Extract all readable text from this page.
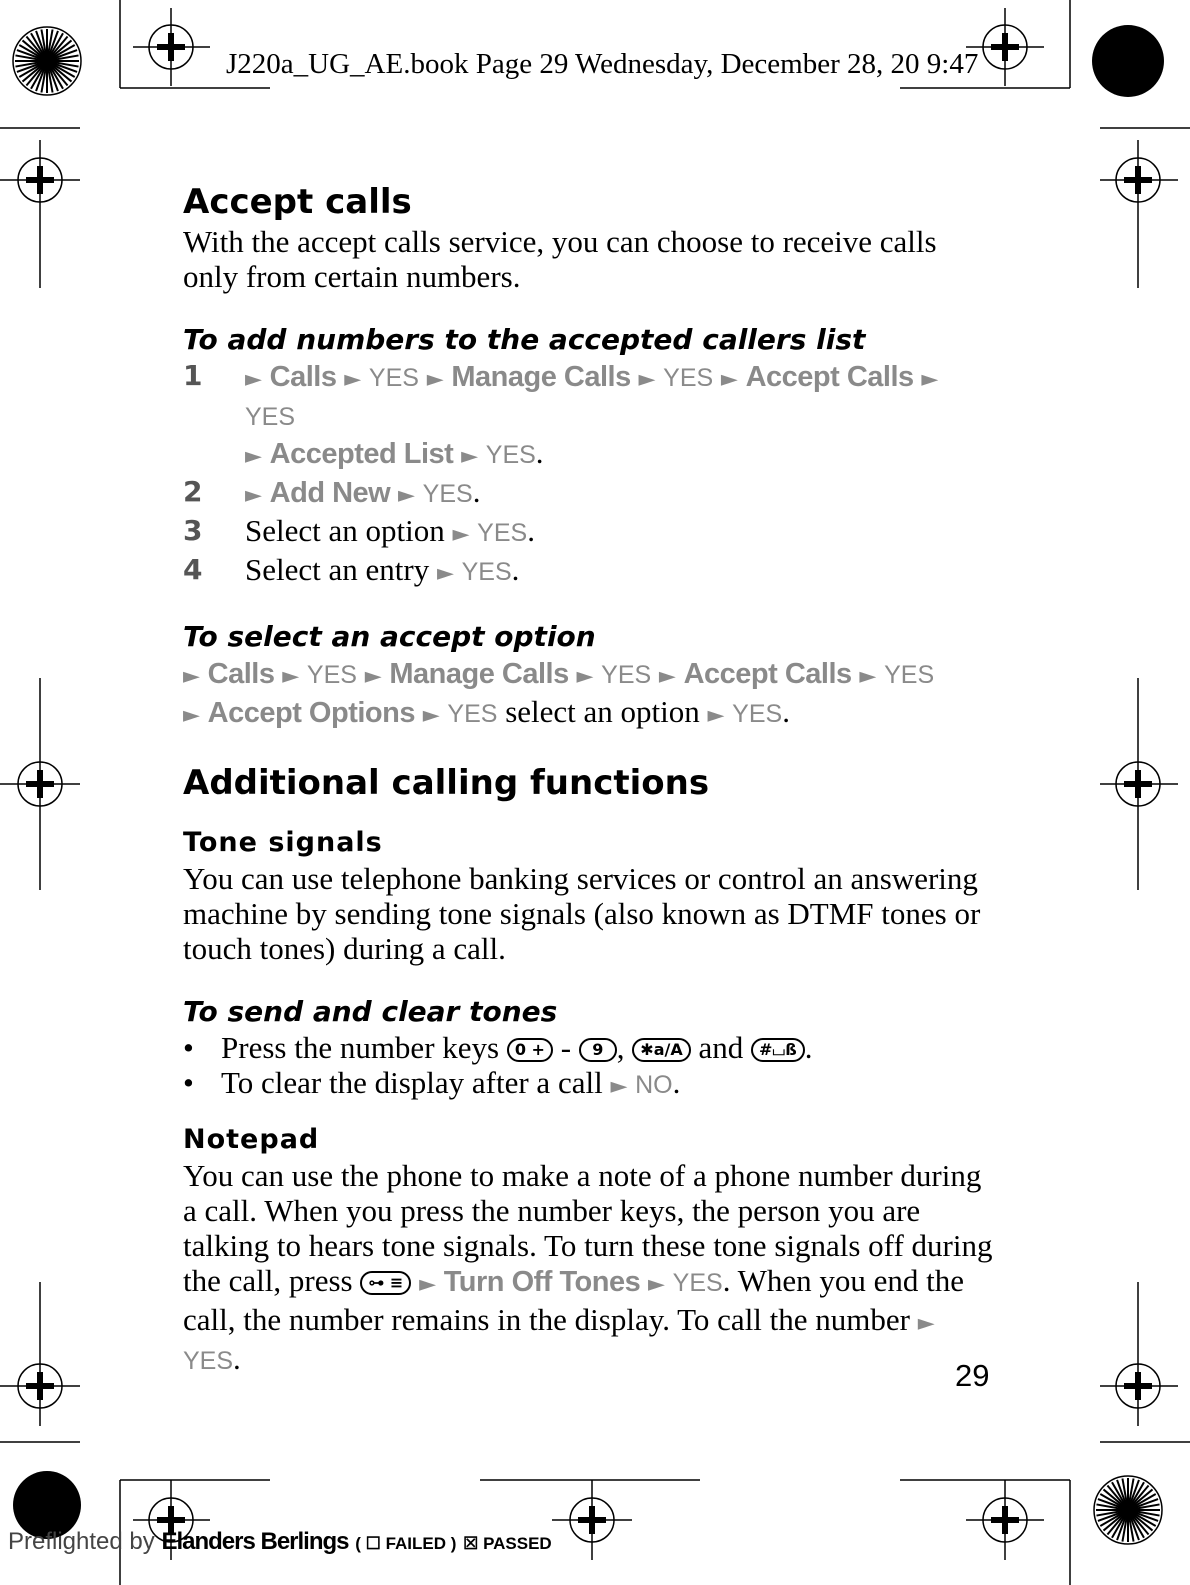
J220a_UG_AE.book Page 29 Wednesday, December 28, 20 9:47
Accept calls

With the accept calls service, you can choose to receive calls only from certain numbers.

To add numbers to the accepted callers list
1	► Calls ► YES ► Manage Calls ► YES ► Accept Calls ► YES
► Accepted List ► YES.
2	► Add New ► YES.
3	Select an option ► YES.
4	Select an entry ► YES.
To select an accept option

► Calls ► YES ► Manage Calls ► YES ► Accept Calls ► YES
► Accept Options ► YES select an option ► YES.

Additional calling functions
Tone signals

You can use telephone banking services or control an answering machine by sending tone signals (also known as DTMF tones or touch tones) during a call.

To send and clear tones
• Press the number keys 0 + - 9 , ✱a/A and #⌴ß .
• To clear the display after a call ► NO.
Notepad

You can use the phone to make a note of a phone number during a call. When you press the number keys, the person you are talking to hears tone signals. To turn these tone signals off during the call, press ⊶ ≡ ► Turn Off Tones ► YES. When you end the call, the number remains in the display. To call the number ► YES.	29
Preflighted by Elanders Berlings ( ☐ FAILED ) ☒ PASSED
